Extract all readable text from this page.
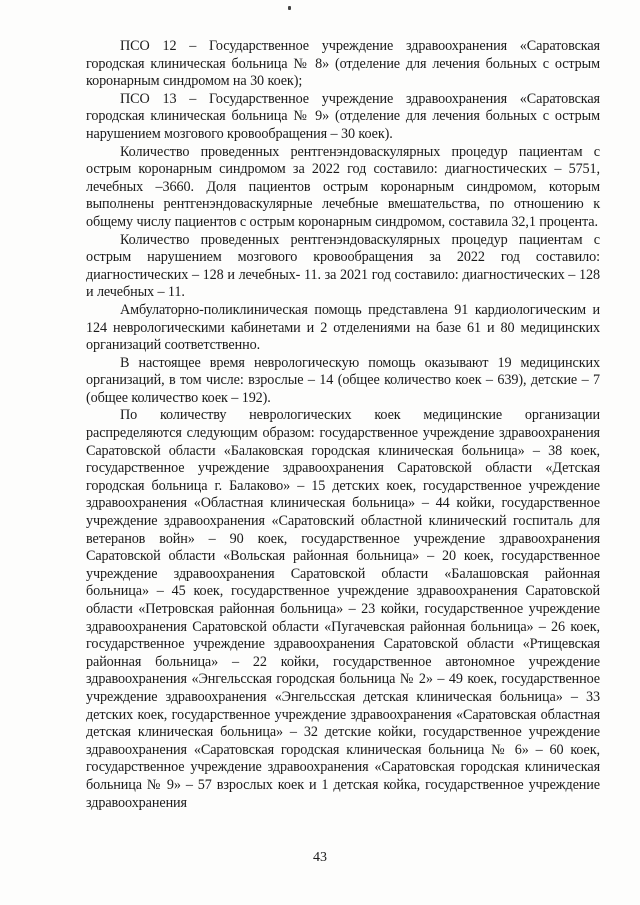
ПСО 12 – Государственное учреждение здравоохранения «Саратовская городская клиническая больница № 8» (отделение для лечения больных с острым коронарным синдромом на 30 коек);

ПСО 13 – Государственное учреждение здравоохранения «Саратовская городская клиническая больница № 9» (отделение для лечения больных с острым нарушением мозгового кровообращения – 30 коек).

Количество проведенных рентгенэндоваскулярных процедур пациентам с острым коронарным синдромом за 2022 год составило: диагностических – 5751, лечебных –3660. Доля пациентов острым коронарным синдромом, которым выполнены рентгенэндоваскулярные лечебные вмешательства, по отношению к общему числу пациентов с острым коронарным синдромом, составила 32,1 процента.

Количество проведенных рентгенэндоваскулярных процедур пациентам с острым нарушением мозгового кровообращения за 2022 год составило: диагностических – 128 и лечебных- 11. за 2021 год составило: диагностических – 128 и лечебных – 11.

Амбулаторно-поликлиническая помощь представлена 91 кардиологическим и 124 неврологическими кабинетами и 2 отделениями на базе 61 и 80 медицинских организаций соответственно.

В настоящее время неврологическую помощь оказывают 19 медицинских организаций, в том числе: взрослые – 14 (общее количество коек – 639), детские – 7 (общее количество коек – 192).

По количеству неврологических коек медицинские организации распределяются следующим образом: государственное учреждение здравоохранения Саратовской области «Балаковская городская клиническая больница» – 38 коек, государственное учреждение здравоохранения Саратовской области «Детская городская больница г. Балаково» – 15 детских коек, государственное учреждение здравоохранения «Областная клиническая больница» – 44 койки, государственное учреждение здравоохранения «Саратовский областной клинический госпиталь для ветеранов войн» – 90 коек, государственное учреждение здравоохранения Саратовской области «Вольская районная больница» – 20 коек, государственное учреждение здравоохранения Саратовской области «Балашовская районная больница» – 45 коек, государственное учреждение здравоохранения Саратовской области «Петровская районная больница» – 23 койки, государственное учреждение здравоохранения Саратовской области «Пугачевская районная больница» – 26 коек, государственное учреждение здравоохранения Саратовской области «Ртищевская районная больница» – 22 койки, государственное автономное учреждение здравоохранения «Энгельсская городская больница № 2» – 49 коек, государственное учреждение здравоохранения «Энгельсская детская клиническая больница» – 33 детских коек, государственное учреждение здравоохранения «Саратовская областная детская клиническая больница» – 32 детские койки, государственное учреждение здравоохранения «Саратовская городская клиническая больница № 6» – 60 коек, государственное учреждение здравоохранения «Саратовская городская клиническая больница № 9» – 57 взрослых коек и 1 детская койка, государственное учреждение здравоохранения

43
